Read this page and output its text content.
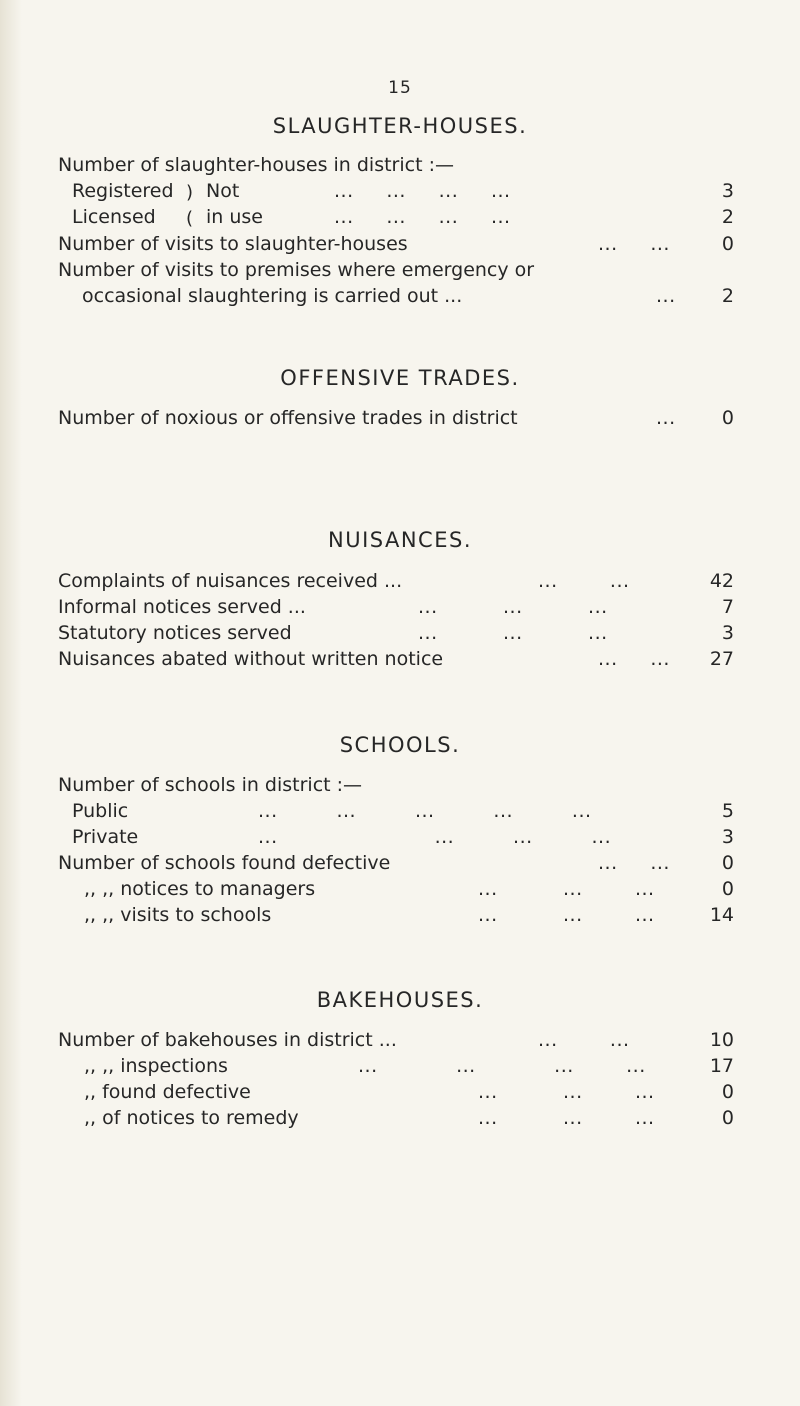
15
SLAUGHTER-HOUSES.
Number of slaughter-houses in district :—
Registered Not	...     ...     ...     ...	3
)
Licensed	in use	...     ...     ...     ...	2
(
Number of visits to slaughter-houses	...     ...	0
Number of visits to premises where emergency or
occasional slaughtering is carried out ...	... 2
OFFENSIVE TRADES.
Number of noxious or offensive trades in district	... 0
NUISANCES.
Complaints of nuisances received ...	...        ...	42
Informal notices served ...	...          ...          ...	7
Statutory notices served	...          ...          ...	3
Nuisances abated without written notice	...     ... 27
SCHOOLS.
Number of schools in district :—
Public	...         ...         ...         ...         ...	5
Private	...                        ...         ...         ...	3
Number of schools found defective	...     ...	0
,, ,, notices to managers	...          ...        ...	0
,, ,, visits to schools	...          ...        ...	14
BAKEHOUSES.
Number of bakehouses in district ...	...        ...	10
,, ,, inspections	...            ...            ...        ...	17
,, found defective	...          ...        ...	0
,, of notices to remedy	...          ...        ...	0
